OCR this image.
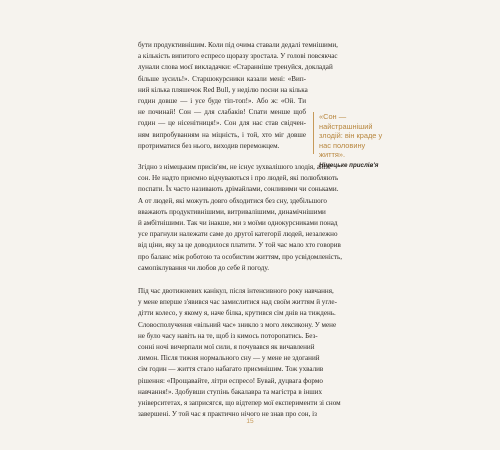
бути продуктивнішим. Коли під очима ставали дедалі темнішими,
а кількість випитого еспресо щоразу зростала. У голові повсякчас
лунали слова моєї викладачки: «Старанніше тренуйся, докладай
більше зусиль!». Старшокурсники казали мені: «Вип-
ний кілька пляшечок Red Bull, у неділю посни на кілька
годин довше — і усе буде тіп-топ!». Або ж: «Ой. Ти
не починай! Сон — для слабаків! Спати менше щоб
годин — це нісенітниця!». Сон для нас став свідчен-
ням випробуванням на міцність, і той, хто міг довше
протриматися без нього, виходив переможцем.
Згідно з німецьким присів'ям, не існує зухвалішого злодія, аніж
сон. Не надто приємно відчуваються і про людей, які полюбляють
поспати. Їх часто називають дрімайлами, сонливими чи соньками.
А от людей, які можуть довго обходитися без сну, здебільшого
вважають продуктивнішими, витривалішими, динамічнішими
й амбітнішими. Так чи інакше, ми з моїми однокурсниками понад
усе прагнули належати саме до другої категорії людей, незалежно
від ціни, яку за це доводилося платити. У той час мало хто говорив
про баланс між роботою та особистим життям, про усвідомленість,
самопіклування чи любов до себе й погоду.
Під час двотижневих канікул, після інтенсивного року навчання,
у мене вперше з'явився час замислитися над своїм життям й угле-
дітти колесо, у якому я, наче білка, крутився сім днів на тиждень.
Словосполучення «вільний час» зникло з мого лексикону. У мене
не було часу навіть на те, щоб із кимось поторопатись. Без-
сонні ночі вичерпали мої сили, я почувався як вичавлений
лимон. Після тижня нормального сну — у мене не здоганий
сім годин — життя стало набагато приємнішим. Тож ухвалив
рішення: «Прощавайте, літри еспресо! Бувай, дуцвага формо
навчання!». Здобувши ступінь бакалавра та магістра в інших
університетах, я заприсягся, що відтепер мої експерименти зі сном
завершені. У той час я практично нічого не знав про сон, із
«Сон — найстрашніший злодій: він краде у нас половину життя».
Німецьке прислів'я
15
